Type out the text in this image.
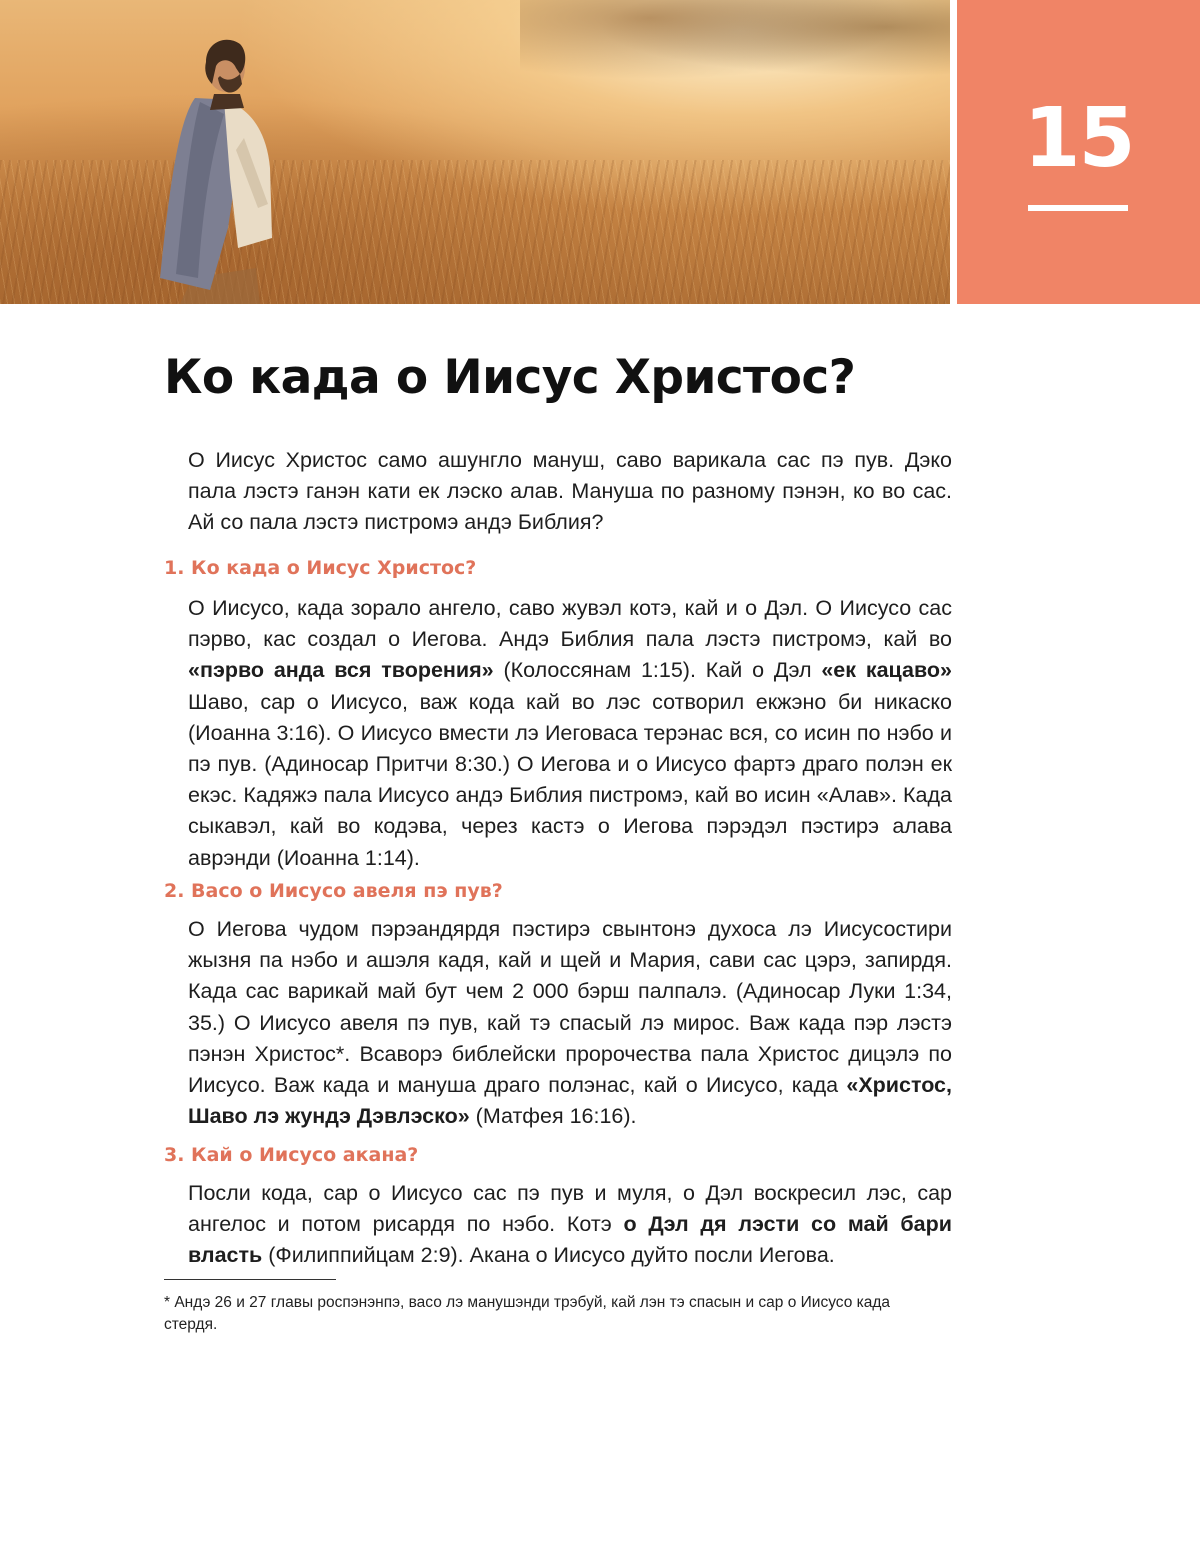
15
Ко када о Иисус Христос?

О Иисус Христос само ашунгло мануш, саво варикала сас пэ пув. Дэко пала лэстэ ганэн кати ек лэско алав. Мануша по разному пэнэн, ко во сас. Ай со пала лэстэ пистромэ андэ Библия?

1. Ко када о Иисус Христос?

О Иисусо, када зорало ангело, саво жувэл котэ, кай и о Дэл. О Иисусо сас пэрво, кас создал о Иегова. Андэ Библия пала лэстэ пистромэ, кай во «пэрво анда вся творения» (Колоссянам 1:15). Кай о Дэл «ек кацаво» Шаво, сар о Иисусо, важ кода кай во лэс сотворил екжэно би никаско (Иоанна 3:16). О Иисусо вмести лэ Иеговаса терэнас вся, со исин по нэбо и пэ пув. (Адиносар Притчи 8:30.) О Иегова и о Иисусо фартэ драго полэн ек екэс. Кадяжэ пала Иисусо андэ Библия пистромэ, кай во исин «Алав». Када сыкавэл, кай во кодэва, через кастэ о Иегова пэрэдэл пэстирэ алава аврэнди (Иоанна 1:14).

2. Васо о Иисусо авеля пэ пув?

О Иегова чудом пэрэандярдя пэстирэ свынтонэ духоса лэ Иисусостири жызня па нэбо и ашэля кадя, кай и щей и Мария, сави сас цэрэ, запирдя. Када сас варикай май бут чем 2 000 бэрш палпалэ. (Адиносар Луки 1:34, 35.) О Иисусо авеля пэ пув, кай тэ спасый лэ мирос. Важ када пэр лэстэ пэнэн Христос*. Всаворэ библейски пророчества пала Христос дицэлэ по Иисусо. Важ када и мануша драго полэнас, кай о Иисусо, када «Христос, Шаво лэ жундэ Дэвлэско» (Матфея 16:16).

3. Кай о Иисусо акана?

Посли кода, сар о Иисусо сас пэ пув и муля, о Дэл воскресил лэс, сар ангелос и потом рисардя по нэбо. Котэ о Дэл дя лэсти со май бари власть (Филиппийцам 2:9). Акана о Иисусо дуйто посли Иегова.

* Андэ 26 и 27 главы роспэнэнпэ, васо лэ манушэнди трэбуй, кай лэн тэ спасын и сар о Иисусо када стердя.
